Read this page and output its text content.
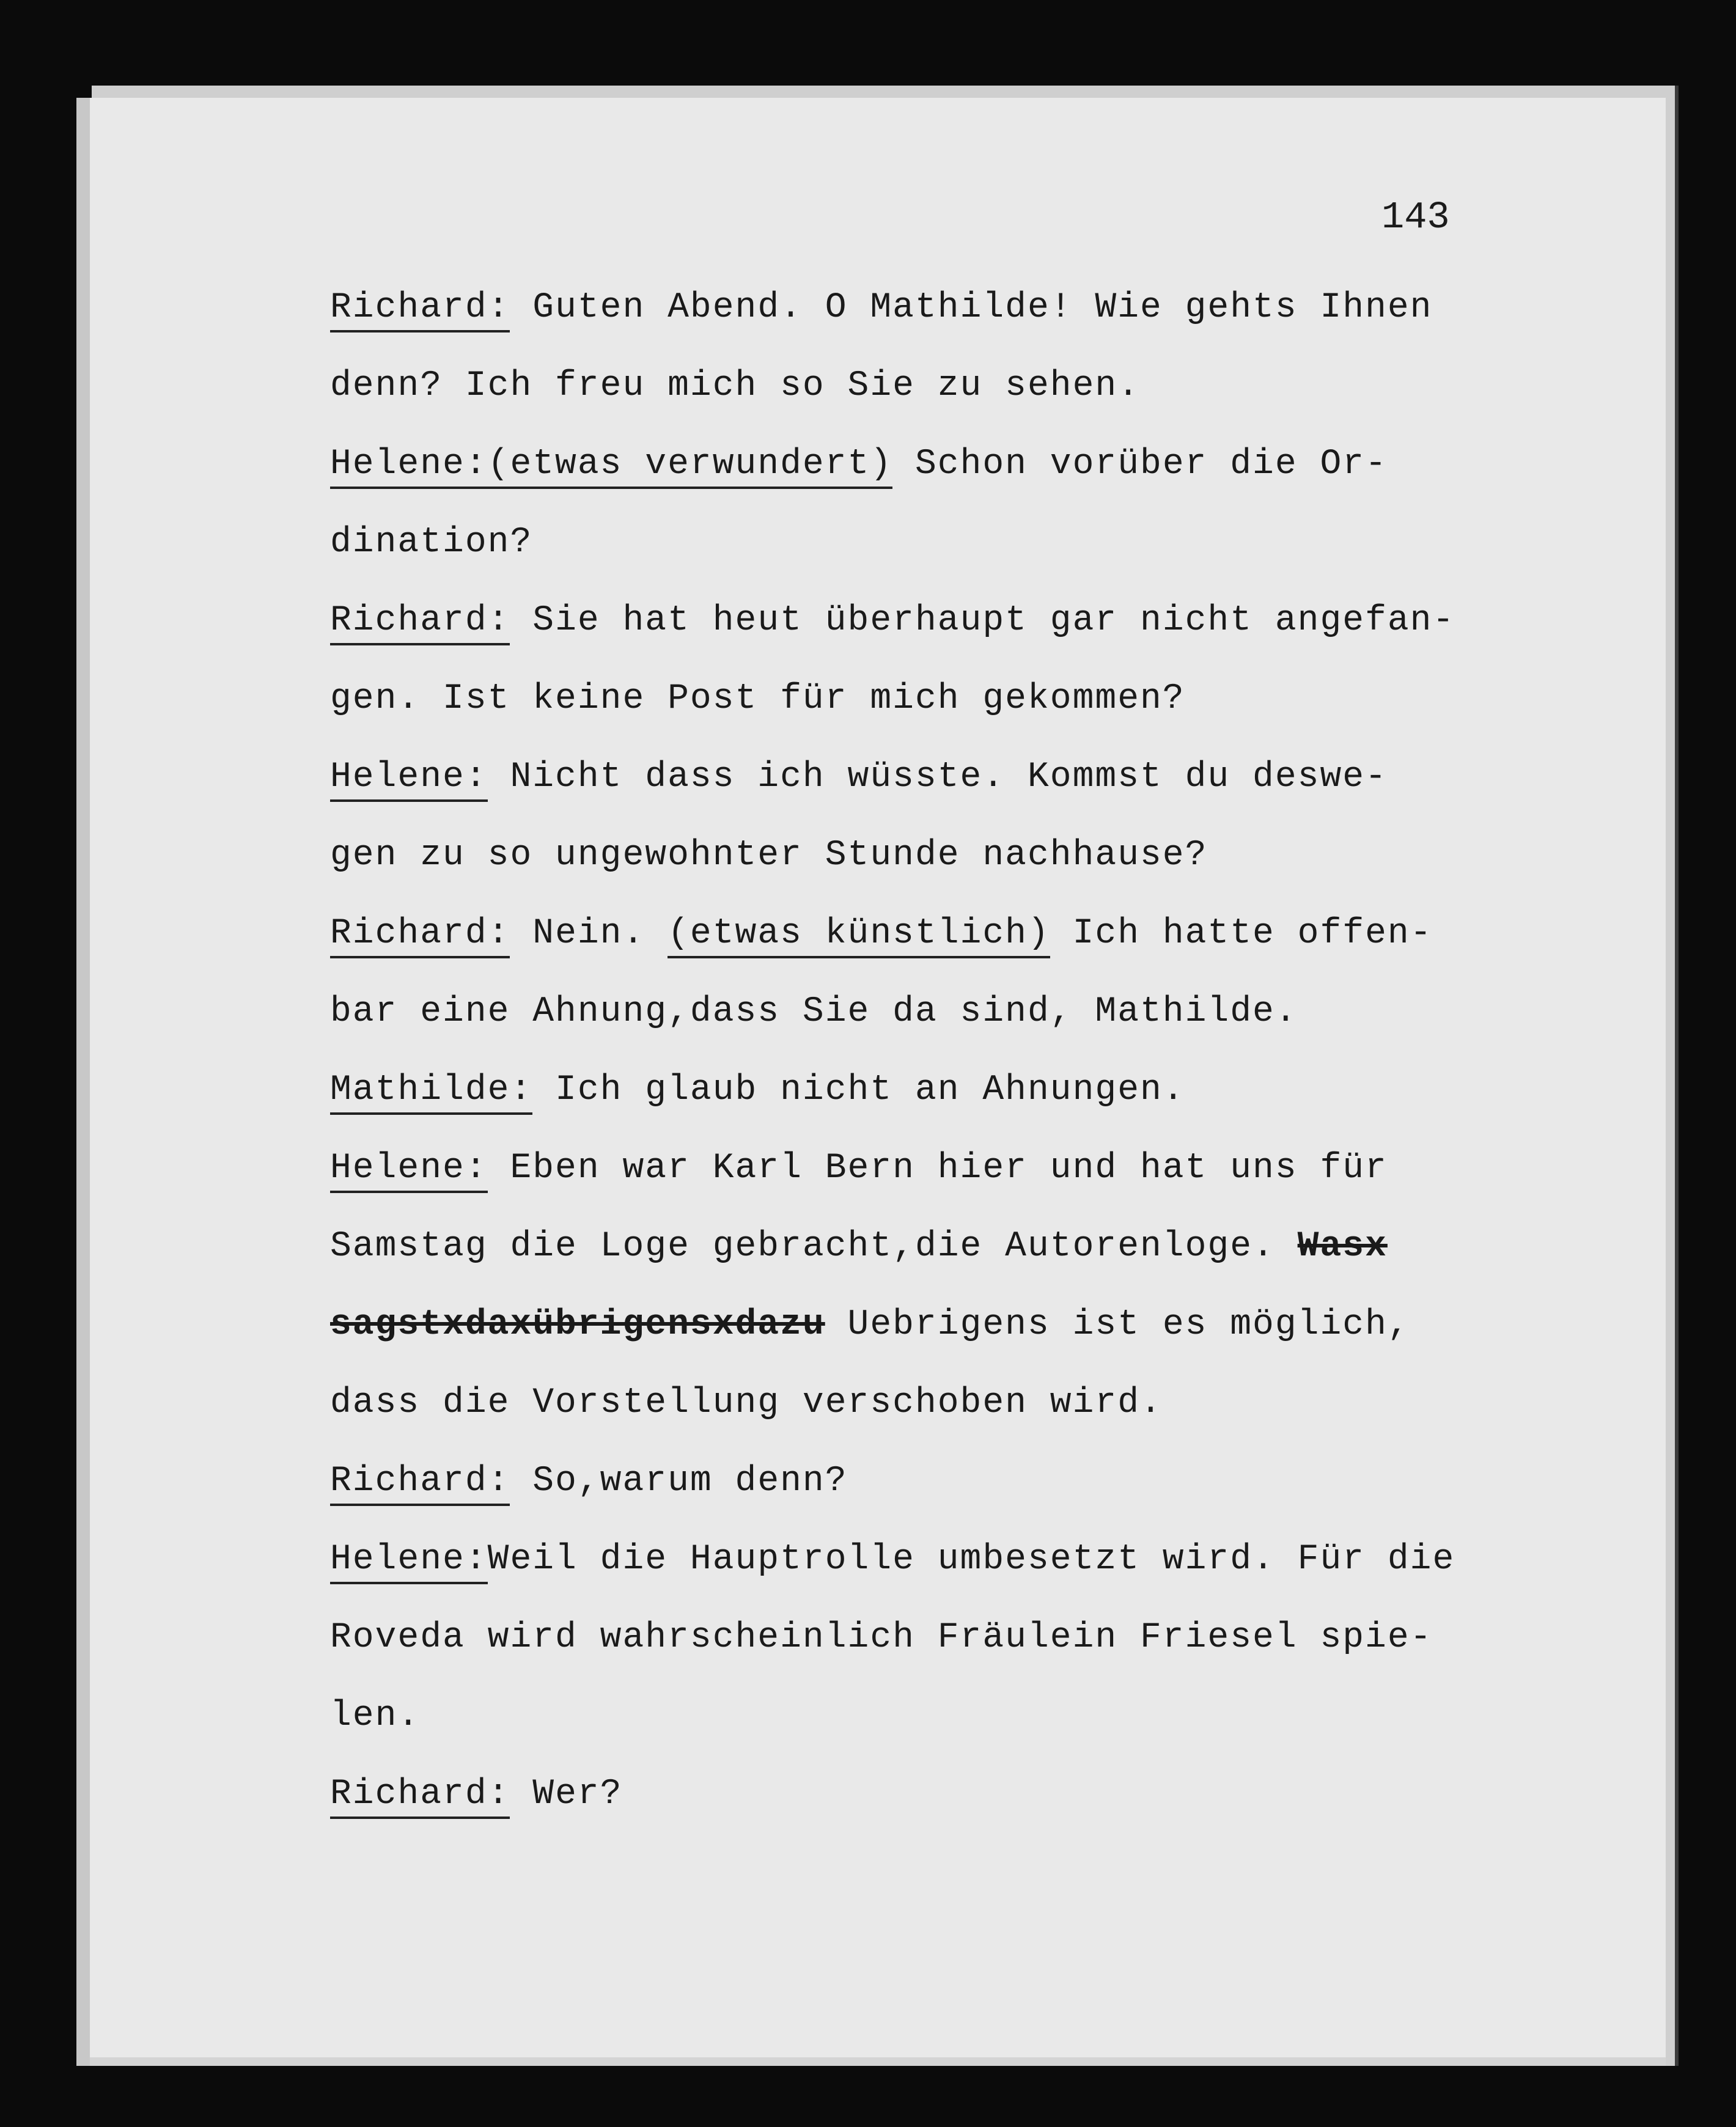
143
Richard: Guten Abend. O Mathilde! Wie gehts Ihnen
denn? Ich freu mich so Sie zu sehen.
Helene:(etwas verwundert) Schon vorüber die Or-
dination?
Richard: Sie hat heut überhaupt gar nicht angefan-
gen. Ist keine Post für mich gekommen?
Helene: Nicht dass ich wüsste. Kommst du deswe-
gen zu so ungewohnter Stunde nachhause?
Richard: Nein. (etwas künstlich) Ich hatte offen-
bar eine Ahnung,dass Sie da sind, Mathilde.
Mathilde: Ich glaub nicht an Ahnungen.
Helene: Eben war Karl Bern hier und hat uns für
Samstag die Loge gebracht,die Autorenloge. Wasx
sagstxdaxübrigensxdazu Uebrigens ist es möglich,
dass die Vorstellung verschoben wird.
Richard: So,warum denn?
Helene:Weil die Hauptrolle umbesetzt wird. Für die
Roveda wird wahrscheinlich Fräulein Friesel spie-
len.
Richard: Wer?
